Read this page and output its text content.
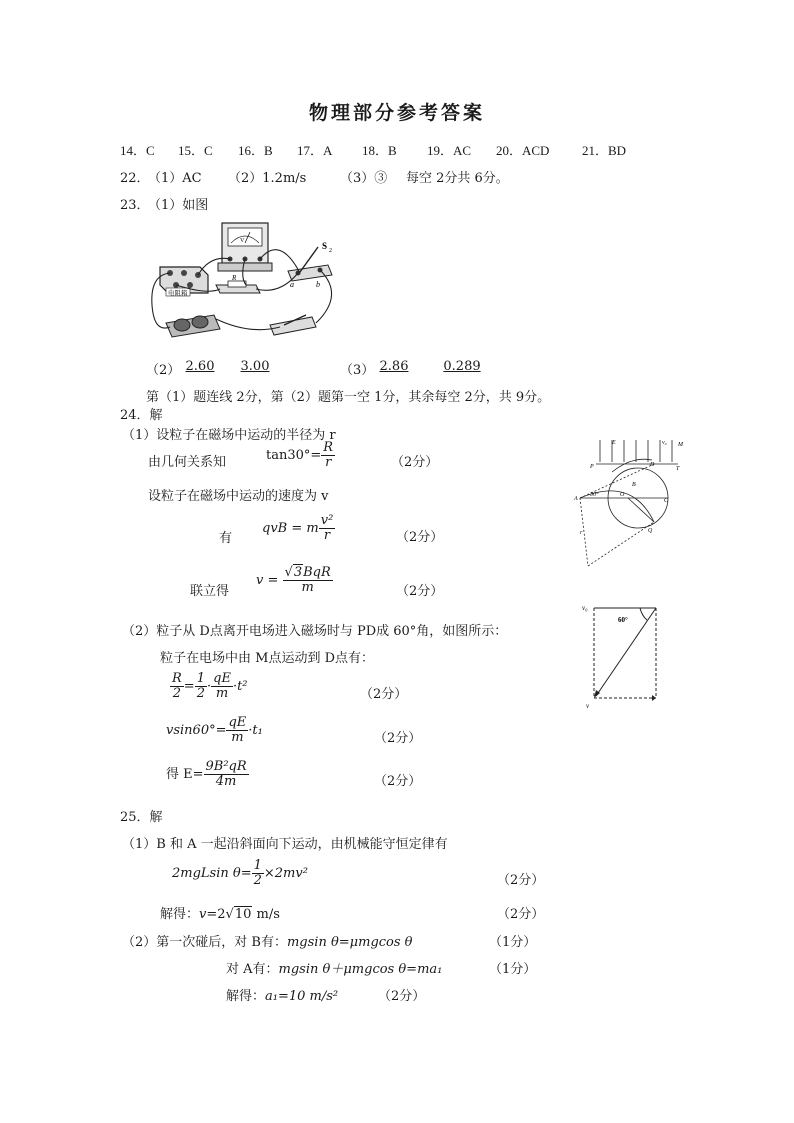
物理部分参考答案
14．C 15．C 16．B 17．A 18．B 19．AC 20．ACD	21．BD
22．
（1）AC （2）1.2m/s	（3）③ 每空 2分共 6分。
23．
（1）如图
V
电阻箱
S 2
a	b
R
（2） 2.60	3.00	（3） 2.86	0.289
第（1）题连线 2分，第（2）题第一空 1分，其余每空 2分，共 9分。
24．解
（1）设粒子在磁场中运动的半径为 r
由几何关系知	$\tan 30^\circ= \frac{R}{r}$	（2分）
设粒子在磁场中运动的速度为 v
有
qvB = m $\frac{\text{v²}}{r}$	（2分）
联立得
$v = \frac{\text{√3BqR}}{m}$	（2分）
（2）粒子从 D点离开电场进入磁场时与 PD成 60°角，如图所示：
粒子在电场中由 M点运动到 D点有：
$\frac{R}{2} = \frac{1}{2} \cdot \frac{qE}{m} \cdot t^2$
（2分）
$vsin60^\circ= \frac{qE}{m} \cdot t_1$
（2分）
得 $E= \frac{\text{9B²qR}}{4m}$	（2分）
E	v₀ M
P	D
T
B
O
A	C
Q
r
30°
v₀
60°
v
25．解
（1）B 和 A 一起沿斜面向下运动，由机械能守恒定律有
2mgLsin $\theta= \frac{1}{2} \times 2mv^2$	（2分）
解得：v=2√10 m/s	（2分）
（2）第一次碰后，对 B有：mgsin θ=μmgcos θ	（1分）
对 A有：mgsin θ＋μmgcos θ=ma₁	（1分）
解得：a₁=10 m/s²	（2分）
